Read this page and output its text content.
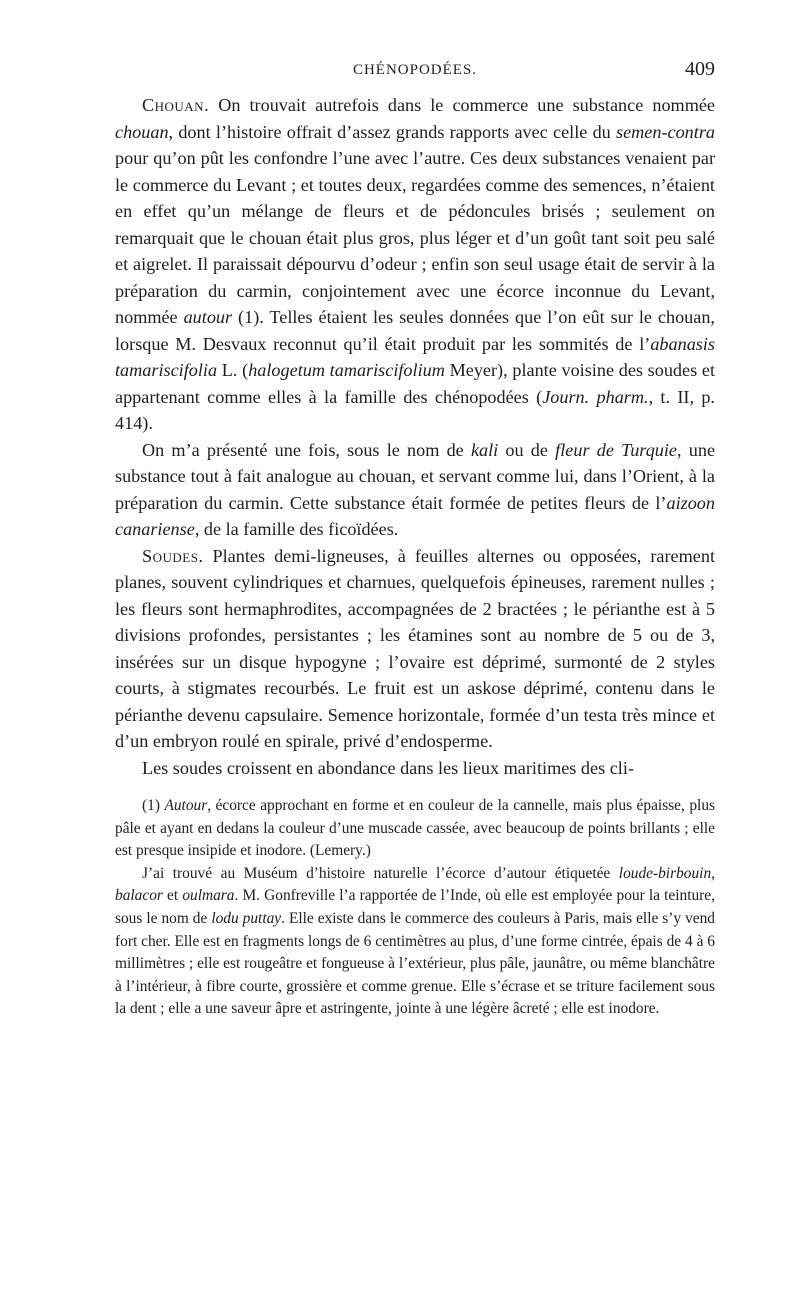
CHÉNOPODÉES.	409

Chouan. On trouvait autrefois dans le commerce une substance nommée chouan, dont l’histoire offrait d’assez grands rapports avec celle du semen-contra pour qu’on pût les confondre l’une avec l’autre. Ces deux substances venaient par le commerce du Levant ; et toutes deux, regardées comme des semences, n’étaient en effet qu’un mélange de fleurs et de pédoncules brisés ; seulement on remarquait que le chouan était plus gros, plus léger et d’un goût tant soit peu salé et aigrelet. Il paraissait dépourvu d’odeur ; enfin son seul usage était de servir à la préparation du carmin, conjointement avec une écorce inconnue du Levant, nommée autour (1). Telles étaient les seules données que l’on eût sur le chouan, lorsque M. Desvaux reconnut qu’il était produit par les sommités de l’abanasis tamariscifolia L. (halogetum tamariscifolium Meyer), plante voisine des soudes et appartenant comme elles à la famille des chénopodées (Journ. pharm., t. II, p. 414).

On m’a présenté une fois, sous le nom de kali ou de fleur de Turquie, une substance tout à fait analogue au chouan, et servant comme lui, dans l’Orient, à la préparation du carmin. Cette substance était formée de petites fleurs de l’aizoon canariense, de la famille des ficoïdées.

Soudes. Plantes demi-ligneuses, à feuilles alternes ou opposées, rarement planes, souvent cylindriques et charnues, quelquefois épineuses, rarement nulles ; les fleurs sont hermaphrodites, accompagnées de 2 bractées ; le périanthe est à 5 divisions profondes, persistantes ; les étamines sont au nombre de 5 ou de 3, insérées sur un disque hypogyne ; l’ovaire est déprimé, surmonté de 2 styles courts, à stigmates recourbés. Le fruit est un askose déprimé, contenu dans le périanthe devenu capsulaire. Semence horizontale, formée d’un testa très mince et d’un embryon roulé en spirale, privé d’endosperme.

Les soudes croissent en abondance dans les lieux maritimes des cli-

(1) Autour, écorce approchant en forme et en couleur de la cannelle, mais plus épaisse, plus pâle et ayant en dedans la couleur d’une muscade cassée, avec beaucoup de points brillants ; elle est presque insipide et inodore. (Lemery.)

J’ai trouvé au Muséum d’histoire naturelle l’écorce d’autour étiquetée loude-birbouin, balacor et oulmara. M. Gonfreville l’a rapportée de l’Inde, où elle est employée pour la teinture, sous le nom de lodu puttay. Elle existe dans le commerce des couleurs à Paris, mais elle s’y vend fort cher. Elle est en fragments longs de 6 centimètres au plus, d’une forme cintrée, épais de 4 à 6 millimètres ; elle est rougeâtre et fongueuse à l’extérieur, plus pâle, jaunâtre, ou même blanchâtre à l’intérieur, à fibre courte, grossière et comme grenue. Elle s’écrase et se triture facilement sous la dent ; elle a une saveur âpre et astringente, jointe à une légère âcreté ; elle est inodore.
